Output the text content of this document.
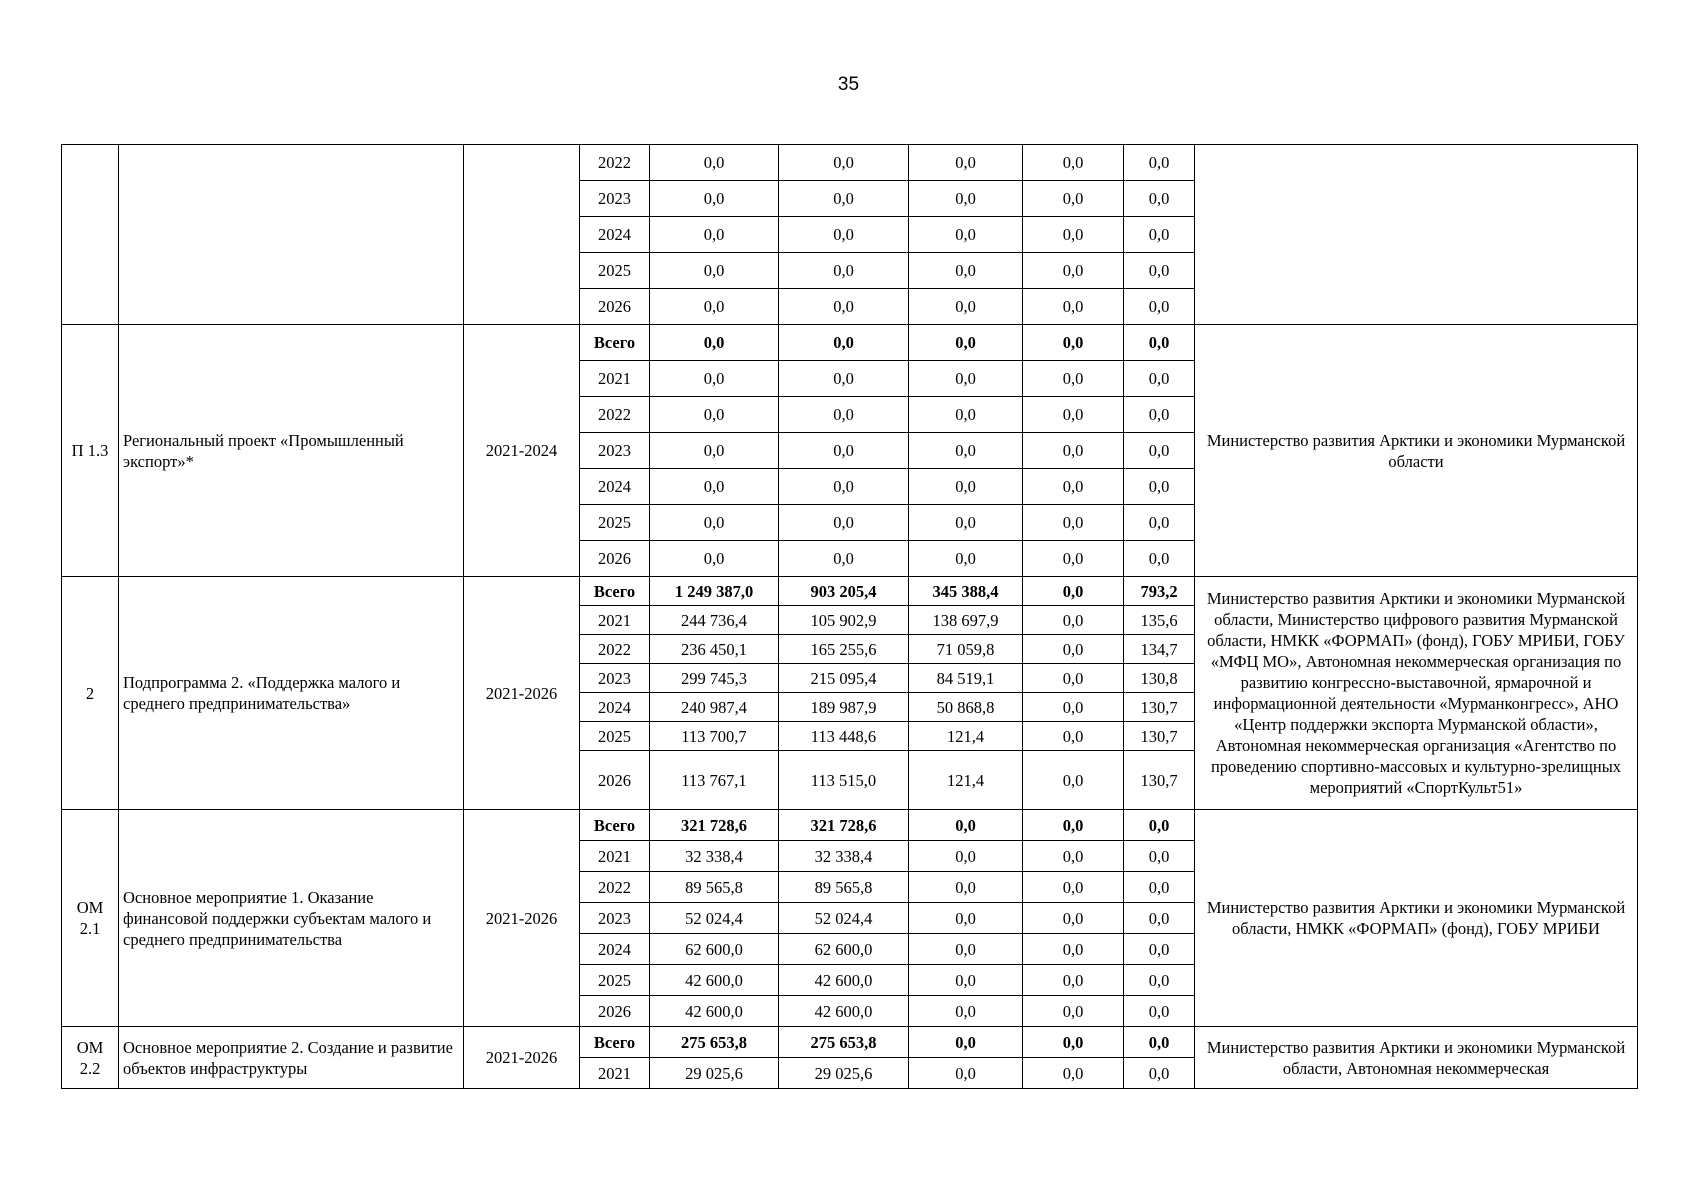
35
			2022	0,0	0,0	0,0	0,0	0,0	
			2023	0,0	0,0	0,0	0,0	0,0	
			2024	0,0	0,0	0,0	0,0	0,0	
			2025	0,0	0,0	0,0	0,0	0,0	
			2026	0,0	0,0	0,0	0,0	0,0	
П 1.3	Региональный проект «Промышленный экспорт»*	2021-2024	Всего	0,0	0,0	0,0	0,0	0,0	Министерство развития Арктики и экономики Мурманской области
			2021	0,0	0,0	0,0	0,0	0,0	
			2022	0,0	0,0	0,0	0,0	0,0	
			2023	0,0	0,0	0,0	0,0	0,0	
			2024	0,0	0,0	0,0	0,0	0,0	
			2025	0,0	0,0	0,0	0,0	0,0	
			2026	0,0	0,0	0,0	0,0	0,0	
2	Подпрограмма 2. «Поддержка малого и среднего предпринимательства»	2021-2026	Всего	1 249 387,0	903 205,4	345 388,4	0,0	793,2	Министерство развития Арктики и экономики Мурманской области, Министерство цифрового развития Мурманской области, НМКК «ФОРМАП» (фонд), ГОБУ МРИБИ, ГОБУ «МФЦ МО», Автономная некоммерческая организация по развитию конгрессно-выставочной, ярмарочной и информационной деятельности «Мурманконгресс», АНО «Центр поддержки экспорта Мурманской области», Автономная некоммерческая организация «Агентство по проведению спортивно-массовых и культурно-зрелищных мероприятий «СпортКульт51»
			2021	244 736,4	105 902,9	138 697,9	0,0	135,6	
			2022	236 450,1	165 255,6	71 059,8	0,0	134,7	
			2023	299 745,3	215 095,4	84 519,1	0,0	130,8	
			2024	240 987,4	189 987,9	50 868,8	0,0	130,7	
			2025	113 700,7	113 448,6	121,4	0,0	130,7	
			2026	113 767,1	113 515,0	121,4	0,0	130,7	
ОМ 2.1	Основное мероприятие 1. Оказание финансовой поддержки субъектам малого и среднего предпринимательства	2021-2026	Всего	321 728,6	321 728,6	0,0	0,0	0,0	Министерство развития Арктики и экономики Мурманской области, НМКК «ФОРМАП» (фонд), ГОБУ МРИБИ
			2021	32 338,4	32 338,4	0,0	0,0	0,0	
			2022	89 565,8	89 565,8	0,0	0,0	0,0	
			2023	52 024,4	52 024,4	0,0	0,0	0,0	
			2024	62 600,0	62 600,0	0,0	0,0	0,0	
			2025	42 600,0	42 600,0	0,0	0,0	0,0	
			2026	42 600,0	42 600,0	0,0	0,0	0,0	
ОМ 2.2	Основное мероприятие 2. Создание и развитие объектов инфраструктуры	2021-2026	Всего	275 653,8	275 653,8	0,0	0,0	0,0	Министерство развития Арктики и экономики Мурманской области, Автономная некоммерческая
			2021	29 025,6	29 025,6	0,0	0,0	0,0	
